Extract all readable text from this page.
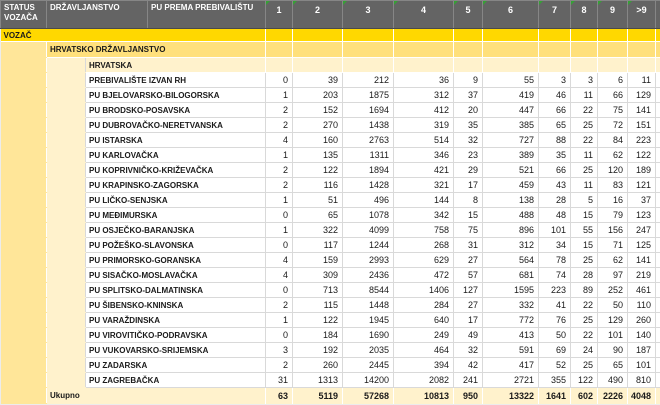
STATUS VOZAČA	DRŽAVLJANSTVO		PU PREMA PREBIVALIŠTU	1	2	3	4	5	6	7	8	9	>9	
VOZAČ														
	HRVATSKO DRŽAVLJANSTVO													
		HRVATSKA												
		PREBIVALIŠTE IZVAN RH		0	39	212	36	9	55	3	3	6	11	
		PU BJELOVARSKO-BILOGORSKA		1	203	1875	312	37	419	46	11	66	129	
		PU BRODSKO-POSAVSKA		2	152	1694	412	20	447	66	22	75	141	
		PU DUBROVAČKO-NERETVANSKA		2	270	1438	319	35	385	65	25	72	151	
		PU ISTARSKA		4	160	2763	514	32	727	88	22	84	223	
		PU KARLOVAČKA		1	135	1311	346	23	389	35	11	62	122	
		PU KOPRIVNIČKO-KRIŽEVAČKA		2	122	1894	421	29	521	66	25	120	189	
		PU KRAPINSKO-ZAGORSKA		2	116	1428	321	17	459	43	11	83	121	
		PU LIČKO-SENJSKA		1	51	496	144	8	138	28	5	16	37	
		PU MEĐIMURSKA		0	65	1078	342	15	488	48	15	79	123	
		PU OSJEČKO-BARANJSKA		1	322	4099	758	75	896	101	55	156	247	
		PU POŽEŠKO-SLAVONSKA		0	117	1244	268	31	312	34	15	71	125	
		PU PRIMORSKO-GORANSKA		4	159	2993	629	27	564	78	25	62	141	
		PU SISAČKO-MOSLAVAČKA		4	309	2436	472	57	681	74	28	97	219	
		PU SPLITSKO-DALMATINSKA		0	713	8544	1406	127	1595	223	89	252	461	
		PU ŠIBENSKO-KNINSKA		2	115	1448	284	27	332	41	22	50	110	
		PU VARAŽDINSKA		1	122	1945	640	17	772	76	25	129	260	
		PU VIROVITIČKO-PODRAVSKA		0	184	1690	249	49	413	50	22	101	140	
		PU VUKOVARSKO-SRIJEMSKA		3	192	2035	464	32	591	69	24	90	187	
		PU ZADARSKA		2	260	2445	394	42	417	52	25	65	101	
		PU ZAGREBAČKA		31	1313	14200	2082	241	2721	355	122	490	810	
	Ukupno			63	5119	57268	10813	950	13322	1641	602	2226	4048	
